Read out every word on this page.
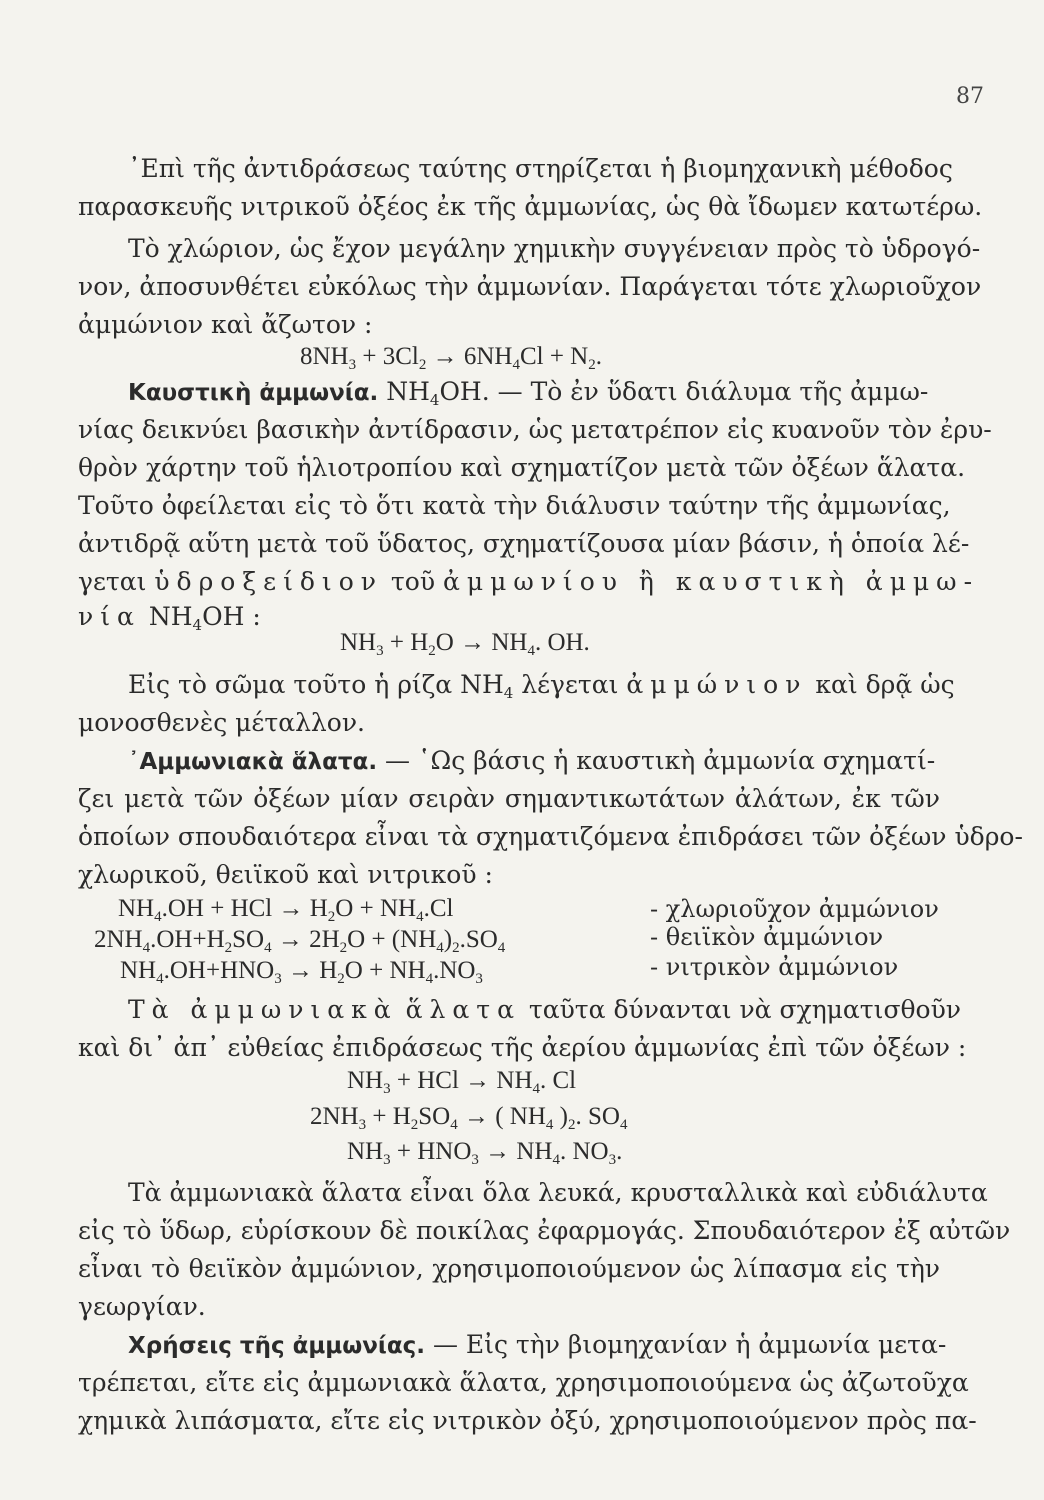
87
᾿Επὶ τῆς ἀντιδράσεως ταύτης στηρίζεται ἡ βιομηχανικὴ μέθοδος
παρασκευῆς νιτρικοῦ ὀξέος ἐκ τῆς ἀμμωνίας, ὡς θὰ ἴδωμεν κατωτέρω.
Τὸ χλώριον, ὡς ἔχον μεγάλην χημικὴν συγγένειαν πρὸς τὸ ὑδρογό-
νον, ἀποσυνθέτει εὐκόλως τὴν ἀμμωνίαν. Παράγεται τότε χλωριοῦχον
ἀμμώνιον καὶ ἄζωτον :
$8NH_3 + 3Cl_2 \to 6NH_4Cl + N_2$.
Καυστικὴ ἀμμωνία. $NH_4OH$. — Τὸ ἐν ὕδατι διάλυμα τῆς ἀμμω-
νίας δεικνύει βασικὴν ἀντίδρασιν, ὡς μετατρέπον εἰς κυανοῦν τὸν ἐρυ-
θρὸν χάρτην τοῦ ἡλιοτροπίου καὶ σχηματίζον μετὰ τῶν ὀξέων ἅλατα.
Τοῦτο ὀφείλεται εἰς τὸ ὅτι κατὰ τὴν διάλυσιν ταύτην τῆς ἀμμωνίας,
ἀντιδρᾷ αὕτη μετὰ τοῦ ὕδατος, σχηματίζουσα μίαν βάσιν, ἡ ὁποία λέ-
γεται ὑδροξείδιον τοῦ ἀμμωνίου ἢ καυστικὴ ἀμμω-
νία $NH_4OH$ :
$NH_3 + H_2O \to NH_4$. OH.
Εἰς τὸ σῶμα τοῦτο ἡ ρίζα $NH_4$ λέγεται ἀμμώνιον καὶ δρᾷ ὡς
μονοσθενὲς μέταλλον.
᾿Αμμωνιακὰ ἅλατα. — ῾Ως βάσις ἡ καυστικὴ ἀμμωνία σχηματί-
ζει μετὰ τῶν ὀξέων μίαν σειρὰν σημαντικωτάτων ἀλάτων, ἐκ τῶν
ὁποίων σπουδαιότερα εἶναι τὰ σχηματιζόμενα ἐπιδράσει τῶν ὀξέων ὑδρο-
χλωρικοῦ, θειϊκοῦ καὶ νιτρικοῦ :
$NH_4.OH$ + HCl → $H_2O + NH_4.Cl$	- χλωριοῦχον ἀμμώνιον
$2NH_4.OH+H_2SO_4 \to 2H_2O + (NH_4)_2.SO_4$	- θειϊκὸν ἀμμώνιον
$NH_4.OH+HNO_3 \to H_2O + NH_4.NO_3$	- νιτρικὸν ἀμμώνιον
Τὰ ἀμμωνιακὰ ἅλατα ταῦτα δύνανται νὰ σχηματισθοῦν
καὶ δι᾽ ἀπ᾽ εὐθείας ἐπιδράσεως τῆς ἀερίου ἀμμωνίας ἐπὶ τῶν ὀξέων :
$NH_3$ + HCl → $NH_4$. Cl
$2NH_3 + H_2SO_4$ → ( $NH_4$ )$_2$. $SO_4$
$NH_3 + HNO_3 \to NH_4$. $NO_3$.
Τὰ ἀμμωνιακὰ ἅλατα εἶναι ὅλα λευκά, κρυσταλλικὰ καὶ εὐδιάλυτα
εἰς τὸ ὕδωρ, εὑρίσκουν δὲ ποικίλας ἐφαρμογάς. Σπουδαιότερον ἐξ αὐτῶν
εἶναι τὸ θειϊκὸν ἀμμώνιον, χρησιμοποιούμενον ὡς λίπασμα εἰς τὴν
γεωργίαν.
Χρήσεις τῆς ἀμμωνίας. — Εἰς τὴν βιομηχανίαν ἡ ἀμμωνία μετα-
τρέπεται, εἴτε εἰς ἀμμωνιακὰ ἅλατα, χρησιμοποιούμενα ὡς ἀζωτοῦχα
χημικὰ λιπάσματα, εἴτε εἰς νιτρικὸν ὀξύ, χρησιμοποιούμενον πρὸς πα-
